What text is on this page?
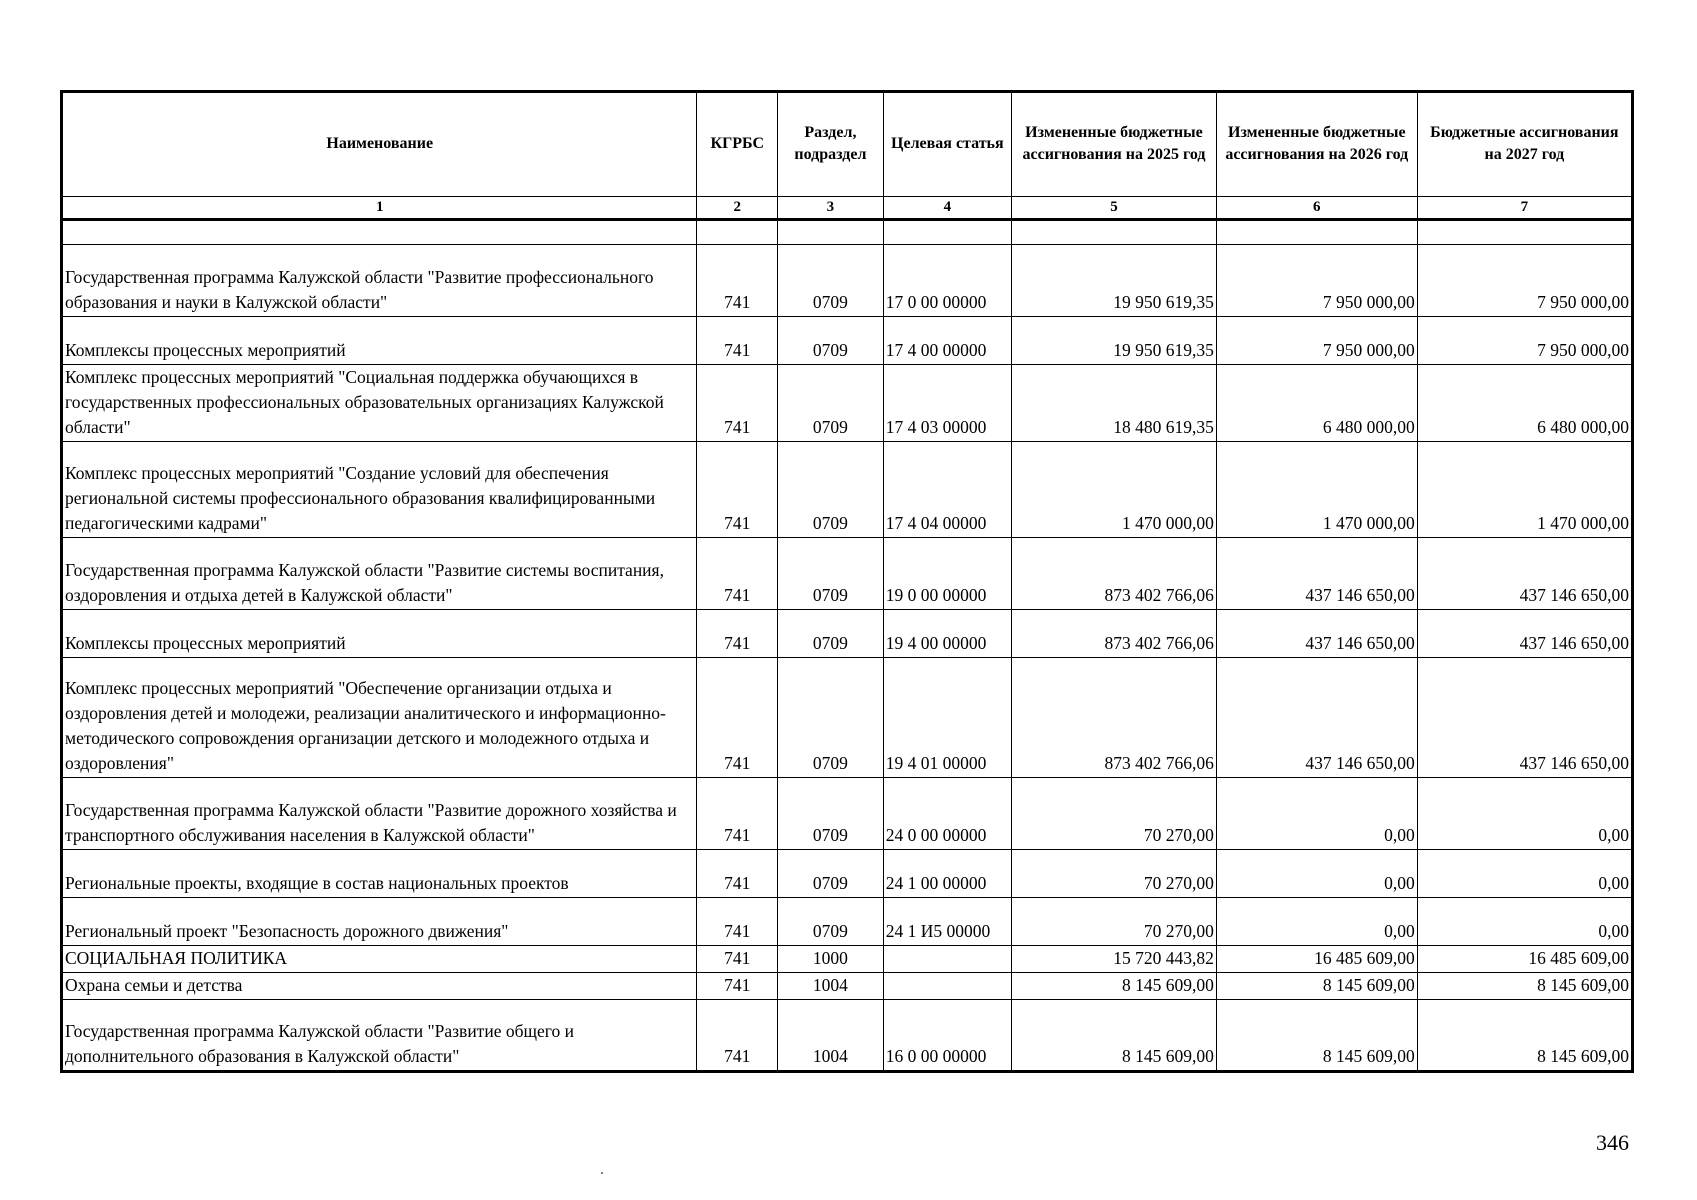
Наименование	КГРБС	Раздел, подраздел	Целевая статья	Измененные бюджетные ассигнования на 2025 год	Измененные бюджетные ассигнования на 2026 год	Бюджетные ассигнования на 2027 год
1	2	3	4	5	6	7

Государственная программа Калужской области "Развитие профессионального образования и науки в Калужской области"	741	0709	17 0 00 00000	19 950 619,35	7 950 000,00	7 950 000,00
Комплексы процессных мероприятий	741	0709	17 4 00 00000	19 950 619,35	7 950 000,00	7 950 000,00
Комплекс процессных мероприятий "Социальная поддержка обучающихся в государственных профессиональных образовательных организациях Калужской области"	741	0709	17 4 03 00000	18 480 619,35	6 480 000,00	6 480 000,00
Комплекс процессных мероприятий "Создание условий для обеспечения региональной системы профессионального образования квалифицированными педагогическими кадрами"	741	0709	17 4 04 00000	1 470 000,00	1 470 000,00	1 470 000,00
Государственная программа Калужской области "Развитие системы воспитания, оздоровления и отдыха детей в Калужской области"	741	0709	19 0 00 00000	873 402 766,06	437 146 650,00	437 146 650,00
Комплексы процессных мероприятий	741	0709	19 4 00 00000	873 402 766,06	437 146 650,00	437 146 650,00
Комплекс процессных мероприятий "Обеспечение организации отдыха и оздоровления детей и молодежи, реализации аналитического и информационно-методического сопровождения организации детского и молодежного отдыха и оздоровления"	741	0709	19 4 01 00000	873 402 766,06	437 146 650,00	437 146 650,00
Государственная программа Калужской области "Развитие дорожного хозяйства и транспортного обслуживания населения в Калужской области"	741	0709	24 0 00 00000	70 270,00	0,00	0,00
Региональные проекты, входящие в состав национальных проектов	741	0709	24 1 00 00000	70 270,00	0,00	0,00
Региональный проект "Безопасность дорожного движения"	741	0709	24 1 И5 00000	70 270,00	0,00	0,00
СОЦИАЛЬНАЯ ПОЛИТИКА	741	1000		15 720 443,82	16 485 609,00	16 485 609,00
Охрана семьи и детства	741	1004		8 145 609,00	8 145 609,00	8 145 609,00
Государственная программа Калужской области "Развитие общего и дополнительного образования в Калужской области"	741	1004	16 0 00 00000	8 145 609,00	8 145 609,00	8 145 609,00
346
